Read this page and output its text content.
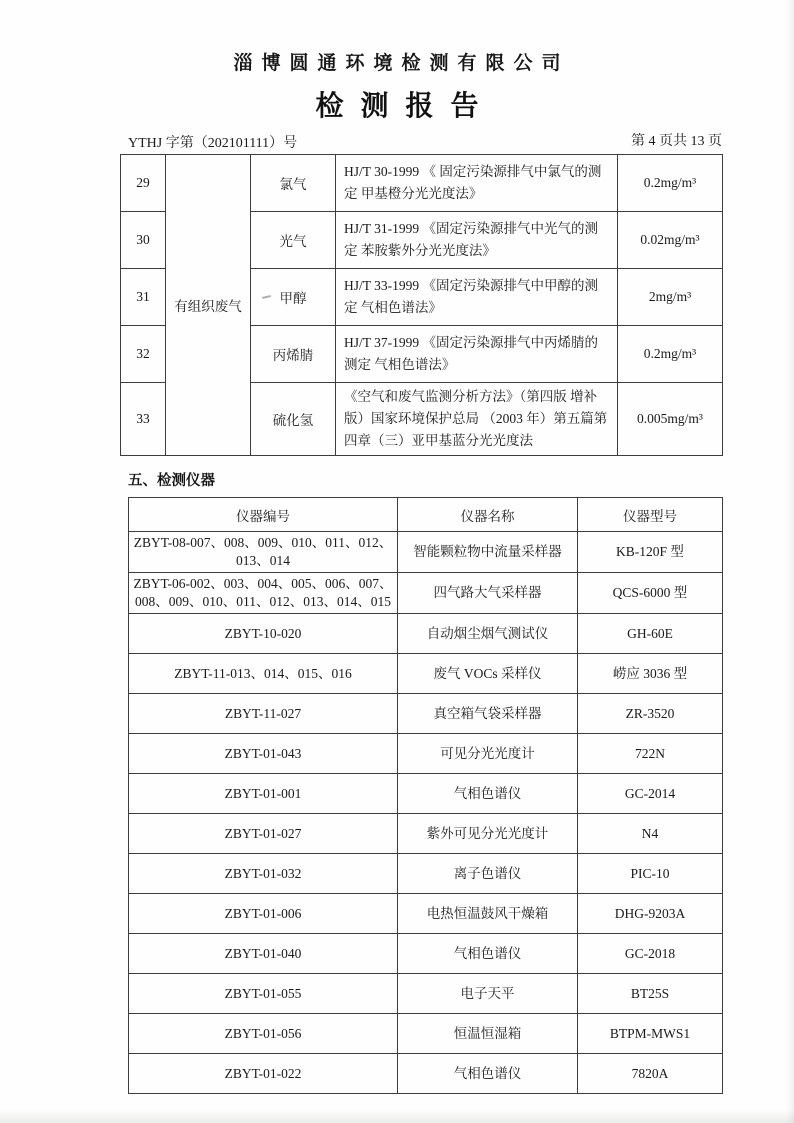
淄博圆通环境检测有限公司
检测报告
YTHJ 字第（202101111）号	第 4 页共 13 页
29	有组织废气	氯气	HJ/T 30-1999 《 固定污染源排气中氯气的测定 甲基橙分光光度法》	0.2mg/m³
30		光气	HJ/T 31-1999 《固定污染源排气中光气的测定 苯胺紫外分光光度法》	0.02mg/m³
31		甲醇	HJ/T 33-1999 《固定污染源排气中甲醇的测定 气相色谱法》	2mg/m³
32		丙烯腈	HJ/T 37-1999 《固定污染源排气中丙烯腈的测定 气相色谱法》	0.2mg/m³
33		硫化氢	《空气和废气监测分析方法》（第四版 增补版）国家环境保护总局 （2003 年）第五篇第四章（三）亚甲基蓝分光光度法	0.005mg/m³
五、检测仪器
仪器编号	仪器名称	仪器型号
ZBYT-08-007、008、009、010、011、012、013、014	智能颗粒物中流量采样器	KB-120F 型
ZBYT-06-002、003、004、005、006、007、008、009、010、011、012、013、014、015	四气路大气采样器	QCS-6000 型
ZBYT-10-020	自动烟尘烟气测试仪	GH-60E
ZBYT-11-013、014、015、016	废气 VOCs 采样仪	崂应 3036 型
ZBYT-11-027	真空箱气袋采样器	ZR-3520
ZBYT-01-043	可见分光光度计	722N
ZBYT-01-001	气相色谱仪	GC-2014
ZBYT-01-027	紫外可见分光光度计	N4
ZBYT-01-032	离子色谱仪	PIC-10
ZBYT-01-006	电热恒温鼓风干燥箱	DHG-9203A
ZBYT-01-040	气相色谱仪	GC-2018
ZBYT-01-055	电子天平	BT25S
ZBYT-01-056	恒温恒湿箱	BTPM-MWS1
ZBYT-01-022	气相色谱仪	7820A
